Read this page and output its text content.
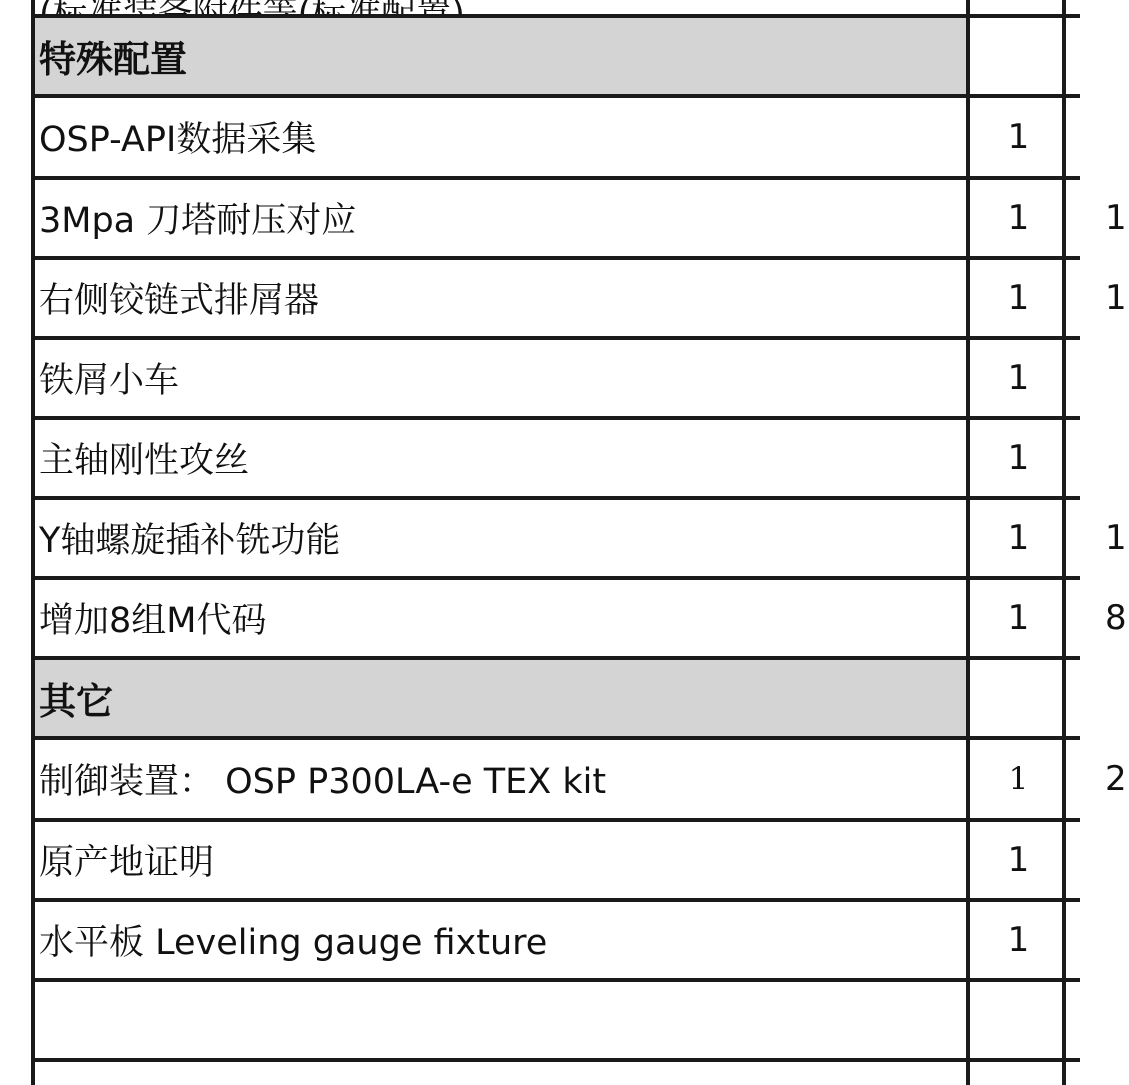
特殊配置
OSP-API数据采集	1
3Mpa 刀塔耐压对应	1	1
右侧铰链式排屑器	1	1
铁屑小车	1
主轴刚性攻丝	1
Y轴螺旋插补铣功能	1	1
增加8组M代码	1	8
其它
制御装置： OSP P300LA-e TEX kit	1	2
原产地证明	1
水平板 Leveling gauge fixture	1
